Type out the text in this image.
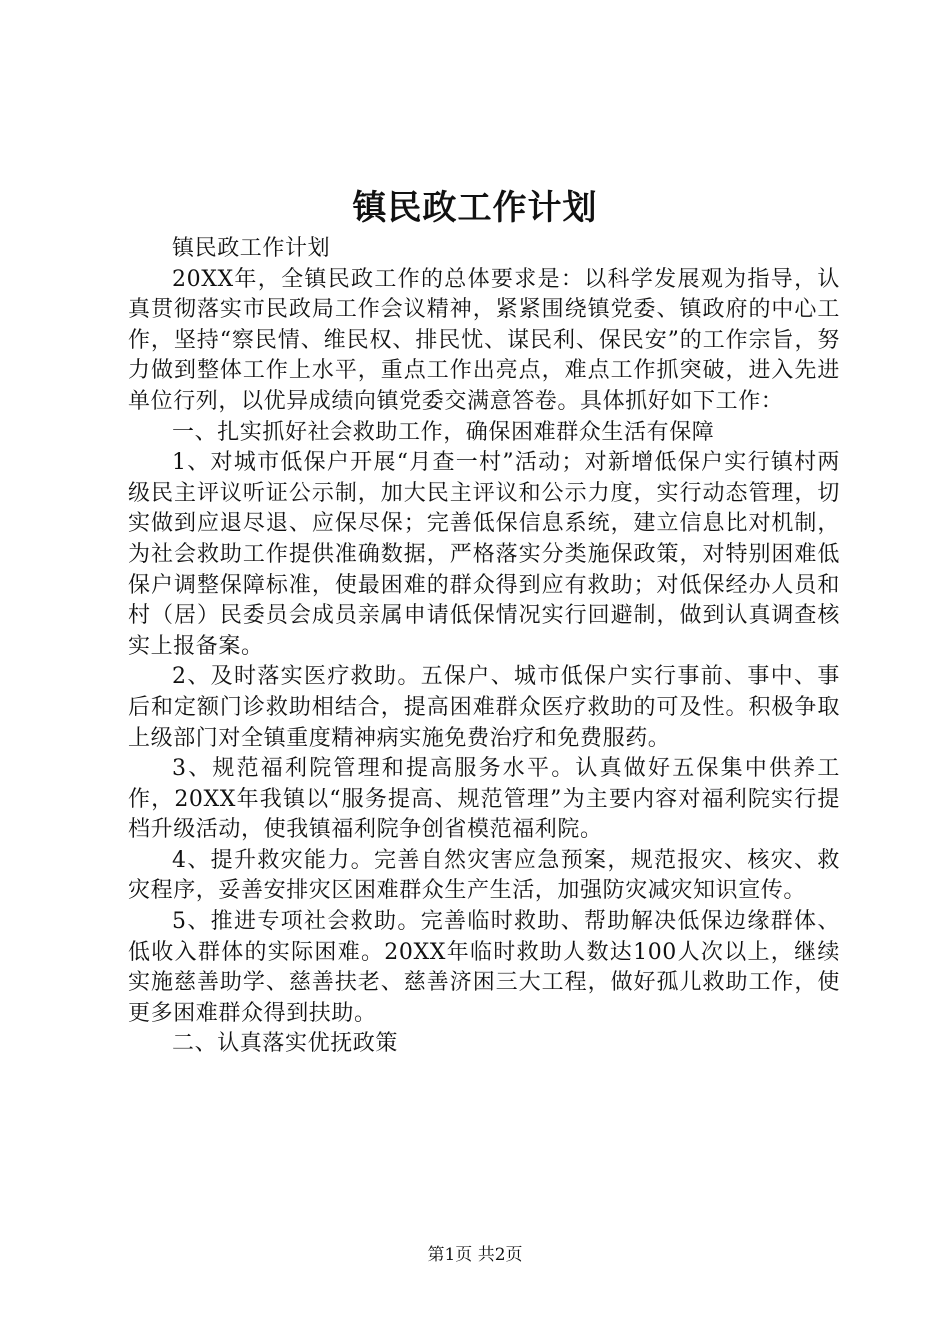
镇民政工作计划

镇民政工作计划

20XX年，全镇民政工作的总体要求是：以科学发展观为指导，认真贯彻落实市民政局工作会议精神，紧紧围绕镇党委、镇政府的中心工作，坚持“察民情、维民权、排民忧、谋民利、保民安”的工作宗旨，努力做到整体工作上水平，重点工作出亮点，难点工作抓突破，进入先进单位行列，以优异成绩向镇党委交满意答卷。具体抓好如下工作：

一、扎实抓好社会救助工作，确保困难群众生活有保障

1、对城市低保户开展“月查一村”活动；对新增低保户实行镇村两级民主评议听证公示制，加大民主评议和公示力度，实行动态管理，切实做到应退尽退、应保尽保；完善低保信息系统，建立信息比对机制，为社会救助工作提供准确数据，严格落实分类施保政策，对特别困难低保户调整保障标准，使最困难的群众得到应有救助；对低保经办人员和村（居）民委员会成员亲属申请低保情况实行回避制，做到认真调查核实上报备案。

2、及时落实医疗救助。五保户、城市低保户实行事前、事中、事后和定额门诊救助相结合，提高困难群众医疗救助的可及性。积极争取上级部门对全镇重度精神病实施免费治疗和免费服药。

3、规范福利院管理和提高服务水平。认真做好五保集中供养工作，20XX年我镇以“服务提高、规范管理”为主要内容对福利院实行提档升级活动，使我镇福利院争创省模范福利院。

4、提升救灾能力。完善自然灾害应急预案，规范报灾、核灾、救灾程序，妥善安排灾区困难群众生产生活，加强防灾减灾知识宣传。

5、推进专项社会救助。完善临时救助、帮助解决低保边缘群体、低收入群体的实际困难。20XX年临时救助人数达100人次以上，继续实施慈善助学、慈善扶老、慈善济困三大工程，做好孤儿救助工作，使更多困难群众得到扶助。

二、认真落实优抚政策

第1页 共2页
